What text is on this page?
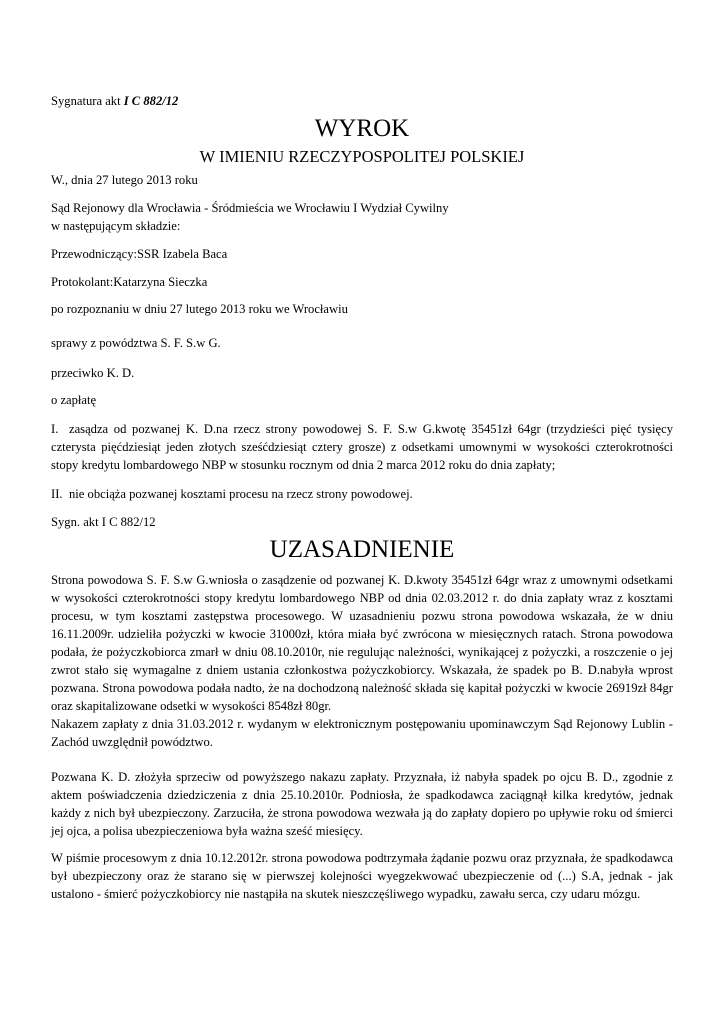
Sygnatura akt I C 882/12

WYROK
W IMIENIU RZECZYPOSPOLITEJ POLSKIEJ

W., dnia 27 lutego 2013 roku

Sąd Rejonowy dla Wrocławia - Śródmieścia we Wrocławiu I Wydział Cywilny
w następującym składzie:

Przewodniczący:SSR Izabela Baca

Protokolant:Katarzyna Sieczka

po rozpoznaniu w dniu 27 lutego 2013 roku we Wrocławiu

sprawy z powództwa S. F. S.w G.

przeciwko K. D.

o zapłatę

I. zasądza od pozwanej K. D.na rzecz strony powodowej S. F. S.w G.kwotę 35451zł 64gr (trzydzieści pięć tysięcy czterysta pięćdziesiąt jeden złotych sześćdziesiąt cztery grosze) z odsetkami umownymi w wysokości czterokrotności stopy kredytu lombardowego NBP w stosunku rocznym od dnia 2 marca 2012 roku do dnia zapłaty;

II. nie obciąża pozwanej kosztami procesu na rzecz strony powodowej.

Sygn. akt I C 882/12

UZASADNIENIE

Strona powodowa S. F. S.w G.wniosła o zasądzenie od pozwanej K. D.kwoty 35451zł 64gr wraz z umownymi odsetkami w wysokości czterokrotności stopy kredytu lombardowego NBP od dnia 02.03.2012 r. do dnia zapłaty wraz z kosztami procesu, w tym kosztami zastępstwa procesowego. W uzasadnieniu pozwu strona powodowa wskazała, że w dniu 16.11.2009r. udzieliła pożyczki w kwocie 31000zł, która miała być zwrócona w miesięcznych ratach. Strona powodowa podała, że pożyczkobiorca zmarł w dniu 08.10.2010r, nie regulując należności, wynikającej z pożyczki, a roszczenie o jej zwrot stało się wymagalne z dniem ustania członkostwa pożyczkobiorcy. Wskazała, że spadek po B. D.nabyła wprost pozwana. Strona powodowa podała nadto, że na dochodzoną należność składa się kapitał pożyczki w kwocie 26919zł 84gr oraz skapitalizowane odsetki w wysokości 8548zł 80gr.

Nakazem zapłaty z dnia 31.03.2012 r. wydanym w elektronicznym postępowaniu upominawczym Sąd Rejonowy Lublin - Zachód uwzględnił powództwo.

Pozwana K. D. złożyła sprzeciw od powyższego nakazu zapłaty. Przyznała, iż nabyła spadek po ojcu B. D., zgodnie z aktem poświadczenia dziedziczenia z dnia 25.10.2010r. Podniosła, że spadkodawca zaciągnął kilka kredytów, jednak każdy z nich był ubezpieczony. Zarzuciła, że strona powodowa wezwała ją do zapłaty dopiero po upływie roku od śmierci jej ojca, a polisa ubezpieczeniowa była ważna sześć miesięcy.

W piśmie procesowym z dnia 10.12.2012r. strona powodowa podtrzymała żądanie pozwu oraz przyznała, że spadkodawca był ubezpieczony oraz że starano się w pierwszej kolejności wyegzekwować ubezpieczenie od (...) S.A, jednak - jak ustalono - śmierć pożyczkobiorcy nie nastąpiła na skutek nieszczęśliwego wypadku, zawału serca, czy udaru mózgu.
